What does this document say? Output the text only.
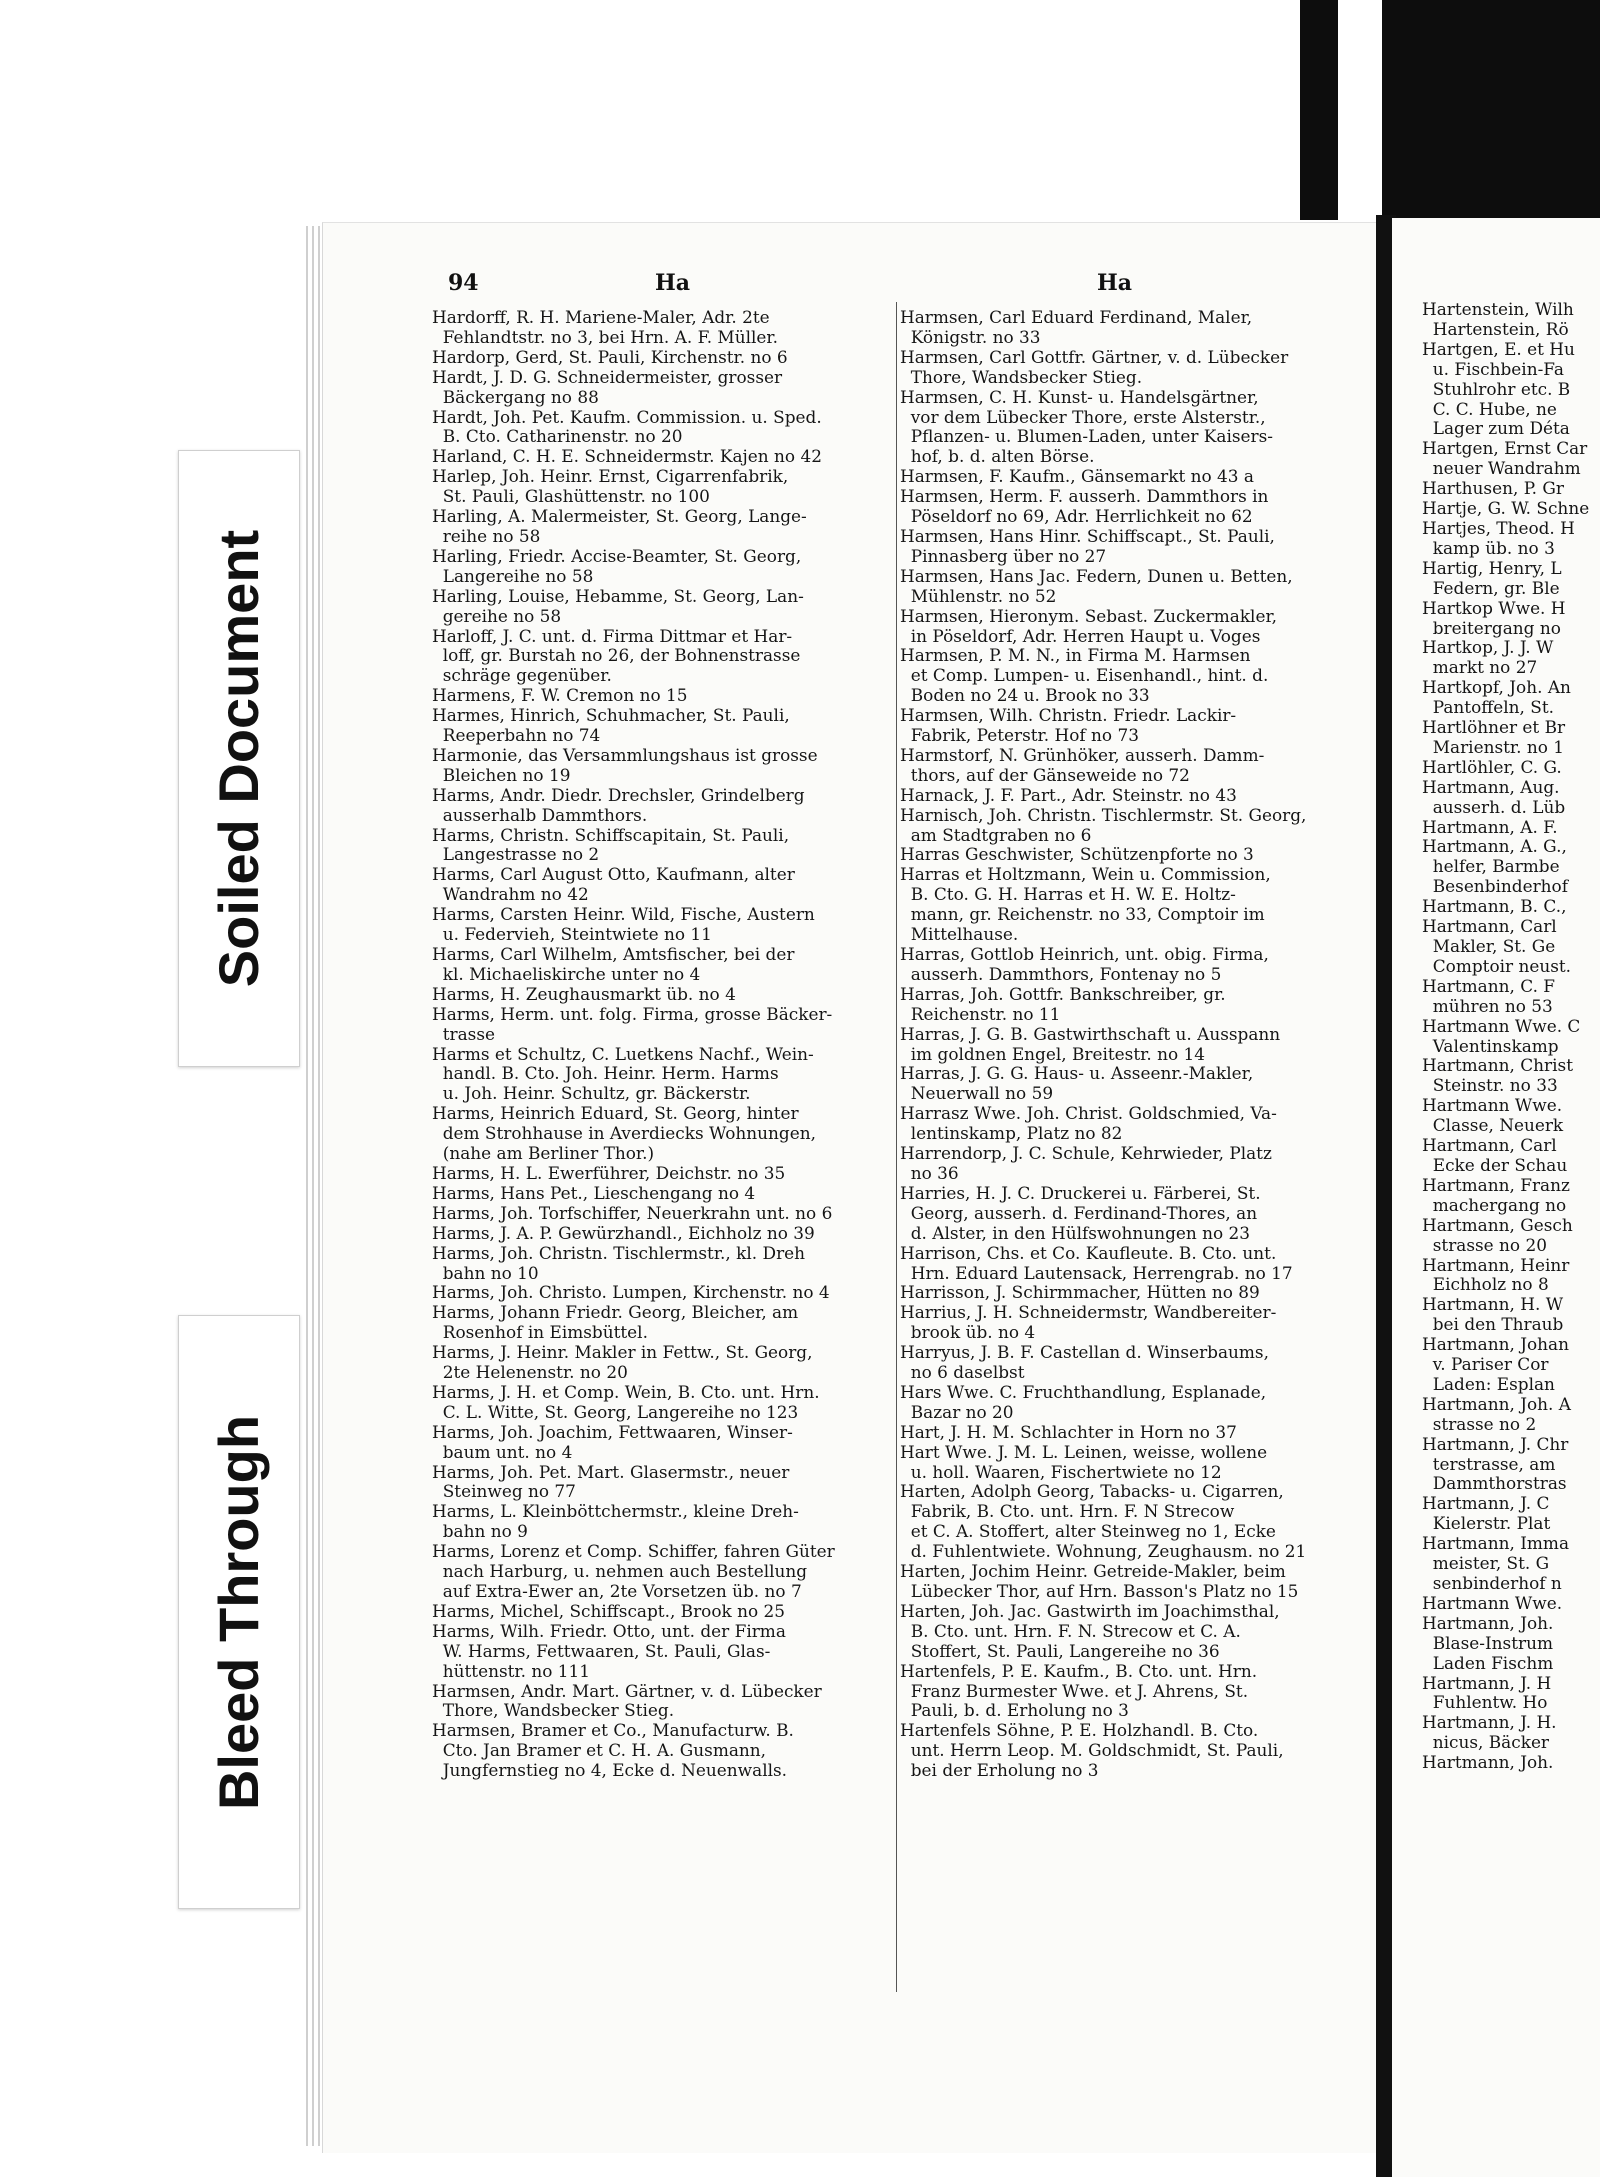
Soiled Document
Bleed Through
94	Ha	Ha
Hardorff, R. H. Mariene-Maler, Adr. 2te
Fehlandtstr. no 3, bei Hrn. A. F. Müller.
Hardorp, Gerd, St. Pauli, Kirchenstr. no 6
Hardt, J. D. G. Schneidermeister, grosser
Bäckergang no 88
Hardt, Joh. Pet. Kaufm. Commission. u. Sped.
B. Cto. Catharinenstr. no 20
Harland, C. H. E. Schneidermstr. Kajen no 42
Harlep, Joh. Heinr. Ernst, Cigarrenfabrik,
St. Pauli, Glashüttenstr. no 100
Harling, A. Malermeister, St. Georg, Lange-
reihe no 58
Harling, Friedr. Accise-Beamter, St. Georg,
Langereihe no 58
Harling, Louise, Hebamme, St. Georg, Lan-
gereihe no 58
Harloff, J. C. unt. d. Firma Dittmar et Har-
loff, gr. Burstah no 26, der Bohnenstrasse
schräge gegenüber.
Harmens, F. W. Cremon no 15
Harmes, Hinrich, Schuhmacher, St. Pauli,
Reeperbahn no 74
Harmonie, das Versammlungshaus ist grosse
Bleichen no 19
Harms, Andr. Diedr. Drechsler, Grindelberg
ausserhalb Dammthors.
Harms, Christn. Schiffscapitain, St. Pauli,
Langestrasse no 2
Harms, Carl August Otto, Kaufmann, alter
Wandrahm no 42
Harms, Carsten Heinr. Wild, Fische, Austern
u. Federvieh, Steintwiete no 11
Harms, Carl Wilhelm, Amtsfischer, bei der
kl. Michaeliskirche unter no 4
Harms, H. Zeughausmarkt üb. no 4
Harms, Herm. unt. folg. Firma, grosse Bäcker-
trasse
Harms et Schultz, C. Luetkens Nachf., Wein-
handl. B. Cto. Joh. Heinr. Herm. Harms
u. Joh. Heinr. Schultz, gr. Bäckerstr.
Harms, Heinrich Eduard, St. Georg, hinter
dem Strohhause in Averdiecks Wohnungen,
(nahe am Berliner Thor.)
Harms, H. L. Ewerführer, Deichstr. no 35
Harms, Hans Pet., Lieschengang no 4
Harms, Joh. Torfschiffer, Neuerkrahn unt. no 6
Harms, J. A. P. Gewürzhandl., Eichholz no 39
Harms, Joh. Christn. Tischlermstr., kl. Dreh
bahn no 10
Harms, Joh. Christo. Lumpen, Kirchenstr. no 4
Harms, Johann Friedr. Georg, Bleicher, am
Rosenhof in Eimsbüttel.
Harms, J. Heinr. Makler in Fettw., St. Georg,
2te Helenenstr. no 20
Harms, J. H. et Comp. Wein, B. Cto. unt. Hrn.
C. L. Witte, St. Georg, Langereihe no 123
Harms, Joh. Joachim, Fettwaaren, Winser-
baum unt. no 4
Harms, Joh. Pet. Mart. Glasermstr., neuer
Steinweg no 77
Harms, L. Kleinböttchermstr., kleine Dreh-
bahn no 9
Harms, Lorenz et Comp. Schiffer, fahren Güter
nach Harburg, u. nehmen auch Bestellung
auf Extra-Ewer an, 2te Vorsetzen üb. no 7
Harms, Michel, Schiffscapt., Brook no 25
Harms, Wilh. Friedr. Otto, unt. der Firma
W. Harms, Fettwaaren, St. Pauli, Glas-
hüttenstr. no 111
Harmsen, Andr. Mart. Gärtner, v. d. Lübecker
Thore, Wandsbecker Stieg.
Harmsen, Bramer et Co., Manufacturw. B.
Cto. Jan Bramer et C. H. A. Gusmann,
Jungfernstieg no 4, Ecke d. Neuenwalls.
Harmsen, Carl Eduard Ferdinand, Maler,
Königstr. no 33
Harmsen, Carl Gottfr. Gärtner, v. d. Lübecker
Thore, Wandsbecker Stieg.
Harmsen, C. H. Kunst- u. Handelsgärtner,
vor dem Lübecker Thore, erste Alsterstr.,
Pflanzen- u. Blumen-Laden, unter Kaisers-
hof, b. d. alten Börse.
Harmsen, F. Kaufm., Gänsemarkt no 43 a
Harmsen, Herm. F. ausserh. Dammthors in
Pöseldorf no 69, Adr. Herrlichkeit no 62
Harmsen, Hans Hinr. Schiffscapt., St. Pauli,
Pinnasberg über no 27
Harmsen, Hans Jac. Federn, Dunen u. Betten,
Mühlenstr. no 52
Harmsen, Hieronym. Sebast. Zuckermakler,
in Pöseldorf, Adr. Herren Haupt u. Voges
Harmsen, P. M. N., in Firma M. Harmsen
et Comp. Lumpen- u. Eisenhandl., hint. d.
Boden no 24 u. Brook no 33
Harmsen, Wilh. Christn. Friedr. Lackir-
Fabrik, Peterstr. Hof no 73
Harmstorf, N. Grünhöker, ausserh. Damm-
thors, auf der Gänseweide no 72
Harnack, J. F. Part., Adr. Steinstr. no 43
Harnisch, Joh. Christn. Tischlermstr. St. Georg,
am Stadtgraben no 6
Harras Geschwister, Schützenpforte no 3
Harras et Holtzmann, Wein u. Commission,
B. Cto. G. H. Harras et H. W. E. Holtz-
mann, gr. Reichenstr. no 33, Comptoir im
Mittelhause.
Harras, Gottlob Heinrich, unt. obig. Firma,
ausserh. Dammthors, Fontenay no 5
Harras, Joh. Gottfr. Bankschreiber, gr.
Reichenstr. no 11
Harras, J. G. B. Gastwirthschaft u. Ausspann
im goldnen Engel, Breitestr. no 14
Harras, J. G. G. Haus- u. Asseenr.-Makler,
Neuerwall no 59
Harrasz Wwe. Joh. Christ. Goldschmied, Va-
lentinskamp, Platz no 82
Harrendorp, J. C. Schule, Kehrwieder, Platz
no 36
Harries, H. J. C. Druckerei u. Färberei, St.
Georg, ausserh. d. Ferdinand-Thores, an
d. Alster, in den Hülfswohnungen no 23
Harrison, Chs. et Co. Kaufleute. B. Cto. unt.
Hrn. Eduard Lautensack, Herrengrab. no 17
Harrisson, J. Schirmmacher, Hütten no 89
Harrius, J. H. Schneidermstr, Wandbereiter-
brook üb. no 4
Harryus, J. B. F. Castellan d. Winserbaums,
no 6 daselbst
Hars Wwe. C. Fruchthandlung, Esplanade,
Bazar no 20
Hart, J. H. M. Schlachter in Horn no 37
Hart Wwe. J. M. L. Leinen, weisse, wollene
u. holl. Waaren, Fischertwiete no 12
Harten, Adolph Georg, Tabacks- u. Cigarren,
Fabrik, B. Cto. unt. Hrn. F. N Strecow
et C. A. Stoffert, alter Steinweg no 1, Ecke
d. Fuhlentwiete. Wohnung, Zeughausm. no 21
Harten, Jochim Heinr. Getreide-Makler, beim
Lübecker Thor, auf Hrn. Basson's Platz no 15
Harten, Joh. Jac. Gastwirth im Joachimsthal,
B. Cto. unt. Hrn. F. N. Strecow et C. A.
Stoffert, St. Pauli, Langereihe no 36
Hartenfels, P. E. Kaufm., B. Cto. unt. Hrn.
Franz Burmester Wwe. et J. Ahrens, St.
Pauli, b. d. Erholung no 3
Hartenfels Söhne, P. E. Holzhandl. B. Cto.
unt. Herrn Leop. M. Goldschmidt, St. Pauli,
bei der Erholung no 3
Hartenstein, Wilh
Hartenstein, Rö
Hartgen, E. et Hu
u. Fischbein-Fa
Stuhlrohr etc. B
C. C. Hube, ne
Lager zum Déta
Hartgen, Ernst Car
neuer Wandrahm
Harthusen, P. Gr
Hartje, G. W. Schne
Hartjes, Theod. H
kamp üb. no 3
Hartig, Henry, L
Federn, gr. Ble
Hartkop Wwe. H
breitergang no
Hartkop, J. J. W
markt no 27
Hartkopf, Joh. An
Pantoffeln, St.
Hartlöhner et Br
Marienstr. no 1
Hartlöhler, C. G.
Hartmann, Aug.
ausserh. d. Lüb
Hartmann, A. F.
Hartmann, A. G.,
helfer, Barmbe
Besenbinderhof
Hartmann, B. C.,
Hartmann, Carl
Makler, St. Ge
Comptoir neust.
Hartmann, C. F
mühren no 53
Hartmann Wwe. C
Valentinskamp
Hartmann, Christ
Steinstr. no 33
Hartmann Wwe.
Classe, Neuerk
Hartmann, Carl
Ecke der Schau
Hartmann, Franz
machergang no
Hartmann, Gesch
strasse no 20
Hartmann, Heinr
Eichholz no 8
Hartmann, H. W
bei den Thraub
Hartmann, Johan
v. Pariser Cor
Laden: Esplan
Hartmann, Joh. A
strasse no 2
Hartmann, J. Chr
terstrasse, am
Dammthorstras
Hartmann, J. C
Kielerstr. Plat
Hartmann, Imma
meister, St. G
senbinderhof n
Hartmann Wwe.
Hartmann, Joh.
Blase-Instrum
Laden Fischm
Hartmann, J. H
Fuhlentw. Ho
Hartmann, J. H.
nicus, Bäcker
Hartmann, Joh.
